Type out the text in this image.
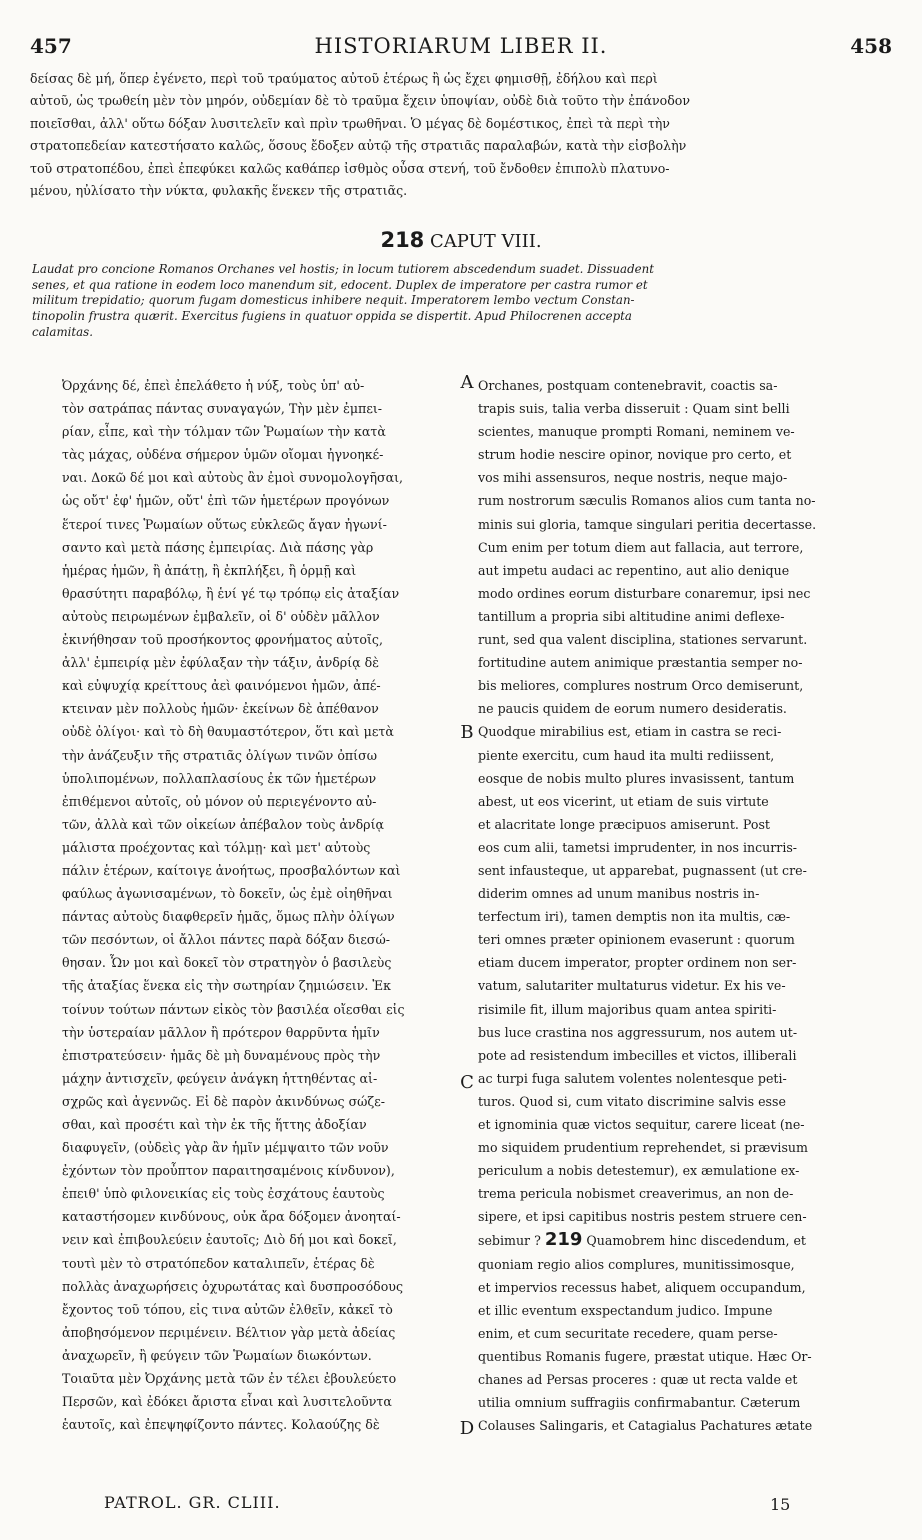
457	HISTORIARUM LIBER II.	458
δείσας δὲ μή, ὅπερ ἐγένετο, περὶ τοῦ τραύματος αὐτοῦ ἑτέρως ἢ ὡς ἔχει φημισθῇ, ἐδήλου καὶ περὶ
αὐτοῦ, ὡς τρωθείη μὲν τὸν μηρόν, οὐδεμίαν δὲ τὸ τραῦμα ἔχειν ὑποψίαν, οὐδὲ διὰ τοῦτο τὴν ἐπάνοδον
ποιεῖσθαι, ἀλλ' οὕτω δόξαν λυσιτελεῖν καὶ πρὶν τρωθῆναι. Ὁ μέγας δὲ δομέστικος, ἐπεὶ τὰ περὶ τὴν
στρατοπεδείαν κατεστήσατο καλῶς, ὅσους ἔδοξεν αὐτῷ τῆς στρατιᾶς παραλαβών, κατὰ τὴν εἰσβολὴν
τοῦ στρατοπέδου, ἐπεὶ ἐπεφύκει καλῶς καθάπερ ἰσθμὸς οὖσα στενή, τοῦ ἔνδοθεν ἐπιπολὺ πλατυνο-
μένου, ηὐλίσατο τὴν νύκτα, φυλακῆς ἕνεκεν τῆς στρατιᾶς.
218 CAPUT VIII.
Laudat pro concione Romanos Orchanes vel hostis; in locum tutiorem abscedendum suadet. Dissuadent
senes, et qua ratione in eodem loco manendum sit, edocent. Duplex de imperatore per castra rumor et
militum trepidatio; quorum fugam domesticus inhibere nequit. Imperatorem lembo vectum Constan-
tinopolin frustra quærit. Exercitus fugiens in quatuor oppida se dispertit. Apud Philocrenen accepta
calamitas.
Ὀρχάνης δέ, ἐπεὶ ἐπελάθετο ἡ νύξ, τοὺς ὑπ' αὐ-
τὸν σατράπας πάντας συναγαγών, Τὴν μὲν ἐμπει-
ρίαν, εἶπε, καὶ τὴν τόλμαν τῶν Ῥωμαίων τὴν κατὰ
τὰς μάχας, οὐδένα σήμερον ὑμῶν οἴομαι ἠγνοηκέ-
ναι. Δοκῶ δέ μοι καὶ αὐτοὺς ἂν ἐμοὶ συνομολογῆσαι,
ὡς οὔτ' ἐφ' ἡμῶν, οὔτ' ἐπὶ τῶν ἡμετέρων προγόνων
ἕτεροί τινες Ῥωμαίων οὕτως εὐκλεῶς ἄγαν ἠγωνί-
σαντο καὶ μετὰ πάσης ἐμπειρίας. Διὰ πάσης γὰρ
ἡμέρας ἡμῶν, ἢ ἀπάτῃ, ἢ ἐκπλήξει, ἢ ὁρμῇ καὶ
θρασύτητι παραβόλῳ, ἢ ἑνί γέ τῳ τρόπῳ εἰς ἀταξίαν
αὐτοὺς πειρωμένων ἐμβαλεῖν, οἱ δ' οὐδὲν μᾶλλον
ἐκινήθησαν τοῦ προσήκοντος φρονήματος αὐτοῖς,
ἀλλ' ἐμπειρίᾳ μὲν ἐφύλαξαν τὴν τάξιν, ἀνδρίᾳ δὲ
καὶ εὐψυχίᾳ κρείττους ἀεὶ φαινόμενοι ἡμῶν, ἀπέ-
κτειναν μὲν πολλοὺς ἡμῶν· ἐκείνων δὲ ἀπέθανον
οὐδὲ ὀλίγοι· καὶ τὸ δὴ θαυμαστότερον, ὅτι καὶ μετὰ
τὴν ἀνάζευξιν τῆς στρατιᾶς ὀλίγων τινῶν ὀπίσω
ὑπολιπομένων, πολλαπλασίους ἐκ τῶν ἡμετέρων
ἐπιθέμενοι αὐτοῖς, οὐ μόνον οὐ περιεγένοντο αὐ-
τῶν, ἀλλὰ καὶ τῶν οἰκείων ἀπέβαλον τοὺς ἀνδρίᾳ
μάλιστα προέχοντας καὶ τόλμῃ· καὶ μετ' αὐτοὺς
πάλιν ἑτέρων, καίτοιγε ἀνοήτως, προσβαλόντων καὶ
φαύλως ἀγωνισαμένων, τὸ δοκεῖν, ὡς ἐμὲ οἰηθῆναι
πάντας αὐτοὺς διαφθερεῖν ἡμᾶς, ὅμως πλὴν ὀλίγων
τῶν πεσόντων, οἱ ἄλλοι πάντες παρὰ δόξαν διεσώ-
θησαν. Ὧν μοι καὶ δοκεῖ τὸν στρατηγὸν ὁ βασιλεὺς
τῆς ἀταξίας ἕνεκα εἰς τὴν σωτηρίαν ζημιώσειν. Ἐκ
τοίνυν τούτων πάντων εἰκὸς τὸν βασιλέα οἴεσθαι εἰς
τὴν ὑστεραίαν μᾶλλον ἢ πρότερον θαρρῦντα ἡμῖν
ἐπιστρατεύσειν· ἡμᾶς δὲ μὴ δυναμένους πρὸς τὴν
μάχην ἀντισχεῖν, φεύγειν ἀνάγκη ἡττηθέντας αἰ-
σχρῶς καὶ ἀγεννῶς. Εἰ δὲ παρὸν ἀκινδύνως σώζε-
σθαι, καὶ προσέτι καὶ τὴν ἐκ τῆς ἥττης ἀδοξίαν
διαφυγεῖν, (οὐδεὶς γὰρ ἂν ἡμῖν μέμψαιτο τῶν νοῦν
ἐχόντων τὸν προὖπτον παραιτησαμένοις κίνδυνον),
ἐπειθ' ὑπὸ φιλονεικίας εἰς τοὺς ἐσχάτους ἑαυτοὺς
καταστήσομεν κινδύνους, οὐκ ἄρα δόξομεν ἀνοηταί-
νειν καὶ ἐπιβουλεύειν ἑαυτοῖς; Διὸ δή μοι καὶ δοκεῖ,
τουτὶ μὲν τὸ στρατόπεδον καταλιπεῖν, ἑτέρας δὲ
πολλὰς ἀναχωρήσεις ὀχυρωτάτας καὶ δυσπροσόδους
ἔχοντος τοῦ τόπου, εἰς τινα αὐτῶν ἐλθεῖν, κἀκεῖ τὸ
ἀποβησόμενον περιμένειν. Βέλτιον γὰρ μετὰ ἀδείας
ἀναχωρεῖν, ἢ φεύγειν τῶν Ῥωμαίων διωκόντων.
Τοιαῦτα μὲν Ὀρχάνης μετὰ τῶν ἐν τέλει ἐβουλεύετο
Περσῶν, καὶ ἐδόκει ἄριστα εἶναι καὶ λυσιτελοῦντα
ἑαυτοῖς, καὶ ἐπεψηφίζοντο πάντες. Κολαούζης δὲ
Orchanes, postquam contenebravit, coactis sa-
trapis suis, talia verba disseruit : Quam sint belli
scientes, manuque prompti Romani, neminem ve-
strum hodie nescire opinor, novique pro certo, et
vos mihi assensuros, neque nostris, neque majo-
rum nostrorum sæculis Romanos alios cum tanta no-
minis sui gloria, tamque singulari peritia decertasse.
Cum enim per totum diem aut fallacia, aut terrore,
aut impetu audaci ac repentino, aut alio denique
modo ordines eorum disturbare conaremur, ipsi nec
tantillum a propria sibi altitudine animi deflexe-
runt, sed qua valent disciplina, stationes servarunt.
fortitudine autem animique præstantia semper no-
bis meliores, complures nostrum Orco demiserunt,
ne paucis quidem de eorum numero desideratis.
Quodque mirabilius est, etiam in castra se reci-
piente exercitu, cum haud ita multi rediissent,
eosque de nobis multo plures invasissent, tantum
abest, ut eos vicerint, ut etiam de suis virtute
et alacritate longe præcipuos amiserunt. Post
eos cum alii, tametsi imprudenter, in nos incurris-
sent infausteque, ut apparebat, pugnassent (ut cre-
diderim omnes ad unum manibus nostris in-
terfectum iri), tamen demptis non ita multis, cæ-
teri omnes præter opinionem evaserunt : quorum
etiam ducem imperator, propter ordinem non ser-
vatum, salutariter multaturus videtur. Ex his ve-
risimile fit, illum majoribus quam antea spiriti-
bus luce crastina nos aggressurum, nos autem ut-
pote ad resistendum imbecilles et victos, illiberali
ac turpi fuga salutem volentes nolentesque peti-
turos. Quod si, cum vitato discrimine salvis esse
et ignominia quæ victos sequitur, carere liceat (ne-
mo siquidem prudentium reprehendet, si prævisum
periculum a nobis detestemur), ex æmulatione ex-
trema pericula nobismet creaverimus, an non de-
sipere, et ipsi capitibus nostris pestem struere cen-
sebimur ? 219 Quamobrem hinc discedendum, et
quoniam regio alios complures, munitissimosque,
et impervios recessus habet, aliquem occupandum,
et illic eventum exspectandum judico. Impune
enim, et cum securitate recedere, quam perse-
quentibus Romanis fugere, præstat utique. Hæc Or-
chanes ad Persas proceres : quæ ut recta valde et
utilia omnium suffragiis confirmabantur. Cæterum
Colauses Salingaris, et Catagialus Pachatures ætate
A
B
C
D
PATROL. GR. CLIII.	15
